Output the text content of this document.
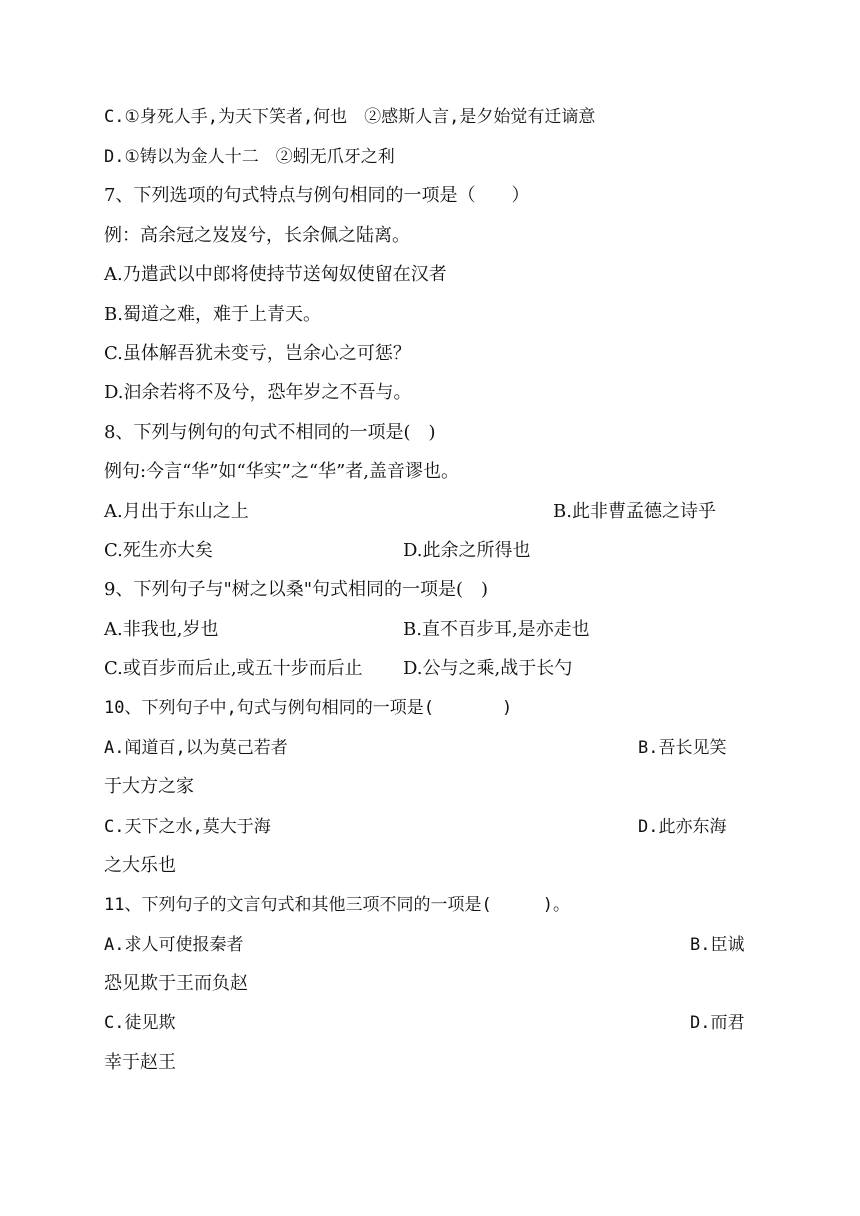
C.①身死人手,为天下笑者,何也　②感斯人言,是夕始觉有迁谪意
D.①铸以为金人十二　②蚓无爪牙之利
7、下列选项的句式特点与例句相同的一项是（　　）
例：高余冠之岌岌兮，长余佩之陆离。
A.乃遣武以中郎将使持节送匈奴使留在汉者
B.蜀道之难，难于上青天。
C.虽体解吾犹未变亏，岂余心之可惩？
D.汩余若将不及兮，恐年岁之不吾与。
8、下列与例句的句式不相同的一项是(　)
例句:今言“华”如“华实”之“华”者,盖音谬也。
A.月出于东山之上	B.此非曹孟德之诗乎
C.死生亦大矣	D.此余之所得也
9、下列句子与"树之以桑"句式相同的一项是(　)
A.非我也,岁也	B.直不百步耳,是亦走也
C.或百步而后止,或五十步而后止 D.公与之乘,战于长勺
10、下列句子中,句式与例句相同的一项是(　　　　)
A.闻道百,以为莫己若者	B.吾长见笑
于大方之家
C.天下之水,莫大于海	D.此亦东海
之大乐也
11、下列句子的文言句式和其他三项不同的一项是(　　　)。
A.求人可使报秦者	B.臣诚
恐见欺于王而负赵
C.徒见欺	D.而君
幸于赵王
